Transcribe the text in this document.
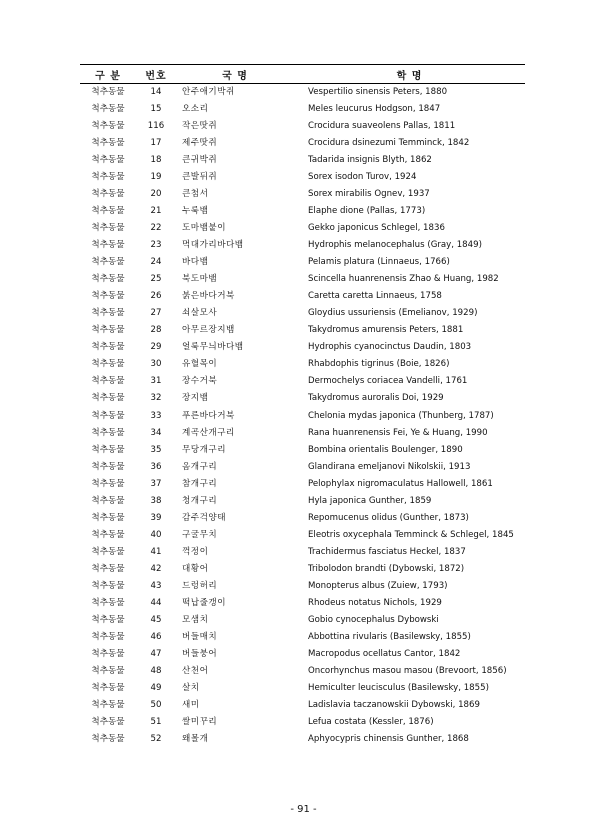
구 분	번호	국 명	학 명
척추동물	14	안주애기박쥐	Vespertilio sinensis Peters, 1880
척추동물	15	오소리	Meles leucurus Hodgson, 1847
척추동물	116	작은땃쥐	Crocidura suaveolens Pallas, 1811
척추동물	17	제주땃쥐	Crocidura dsinezumi Temminck, 1842
척추동물	18	큰귀박쥐	Tadarida insignis Blyth, 1862
척추동물	19	큰발뒤쥐	Sorex isodon Turov, 1924
척추동물	20	큰첨서	Sorex mirabilis Ognev, 1937
척추동물	21	누룩뱀	Elaphe dione (Pallas, 1773)
척추동물	22	도마뱀붙이	Gekko japonicus Schlegel, 1836
척추동물	23	먹대가리바다뱀	Hydrophis melanocephalus (Gray, 1849)
척추동물	24	바다뱀	Pelamis platura (Linnaeus, 1766)
척추동물	25	북도마뱀	Scincella huanrenensis Zhao & Huang, 1982
척추동물	26	붉은바다거북	Caretta caretta Linnaeus, 1758
척추동물	27	쇠살모사	Gloydius ussuriensis (Emelianov, 1929)
척추동물	28	아무르장지뱀	Takydromus amurensis Peters, 1881
척추동물	29	얼룩무늬바다뱀	Hydrophis cyanocinctus Daudin, 1803
척추동물	30	유혈목이	Rhabdophis tigrinus (Boie, 1826)
척추동물	31	장수거북	Dermochelys coriacea Vandelli, 1761
척추동물	32	장지뱀	Takydromus auroralis Doi, 1929
척추동물	33	푸른바다거북	Chelonia mydas japonica (Thunberg, 1787)
척추동물	34	계곡산개구리	Rana huanrenensis Fei, Ye & Huang, 1990
척추동물	35	무당개구리	Bombina orientalis Boulenger, 1890
척추동물	36	옴개구리	Glandirana emeljanovi Nikolskii, 1913
척추동물	37	참개구리	Pelophylax nigromaculatus Hallowell, 1861
척추동물	38	청개구리	Hyla japonica Gunther, 1859
척추동물	39	감주걱양태	Repomucenus olidus (Gunther, 1873)
척추동물	40	구굴무치	Eleotris oxycephala Temminck & Schlegel, 1845
척추동물	41	꺽정이	Trachidermus fasciatus Heckel, 1837
척추동물	42	대황어	Tribolodon brandti (Dybowski, 1872)
척추동물	43	드렁허리	Monopterus albus (Zuiew, 1793)
척추동물	44	떡납줄갱이	Rhodeus notatus Nichols, 1929
척추동물	45	모샘치	Gobio cynocephalus Dybowski
척추동물	46	버들매치	Abbottina rivularis (Basilewsky, 1855)
척추동물	47	버들붕어	Macropodus ocellatus Cantor, 1842
척추동물	48	산천어	Oncorhynchus masou masou (Brevoort, 1856)
척추동물	49	살치	Hemiculter leucisculus (Basilewsky, 1855)
척추동물	50	새미	Ladislavia taczanowskii Dybowski, 1869
척추동물	51	쌀미꾸리	Lefua costata (Kessler, 1876)
척추동물	52	왜몰개	Aphyocypris chinensis Gunther, 1868
- 91 -
